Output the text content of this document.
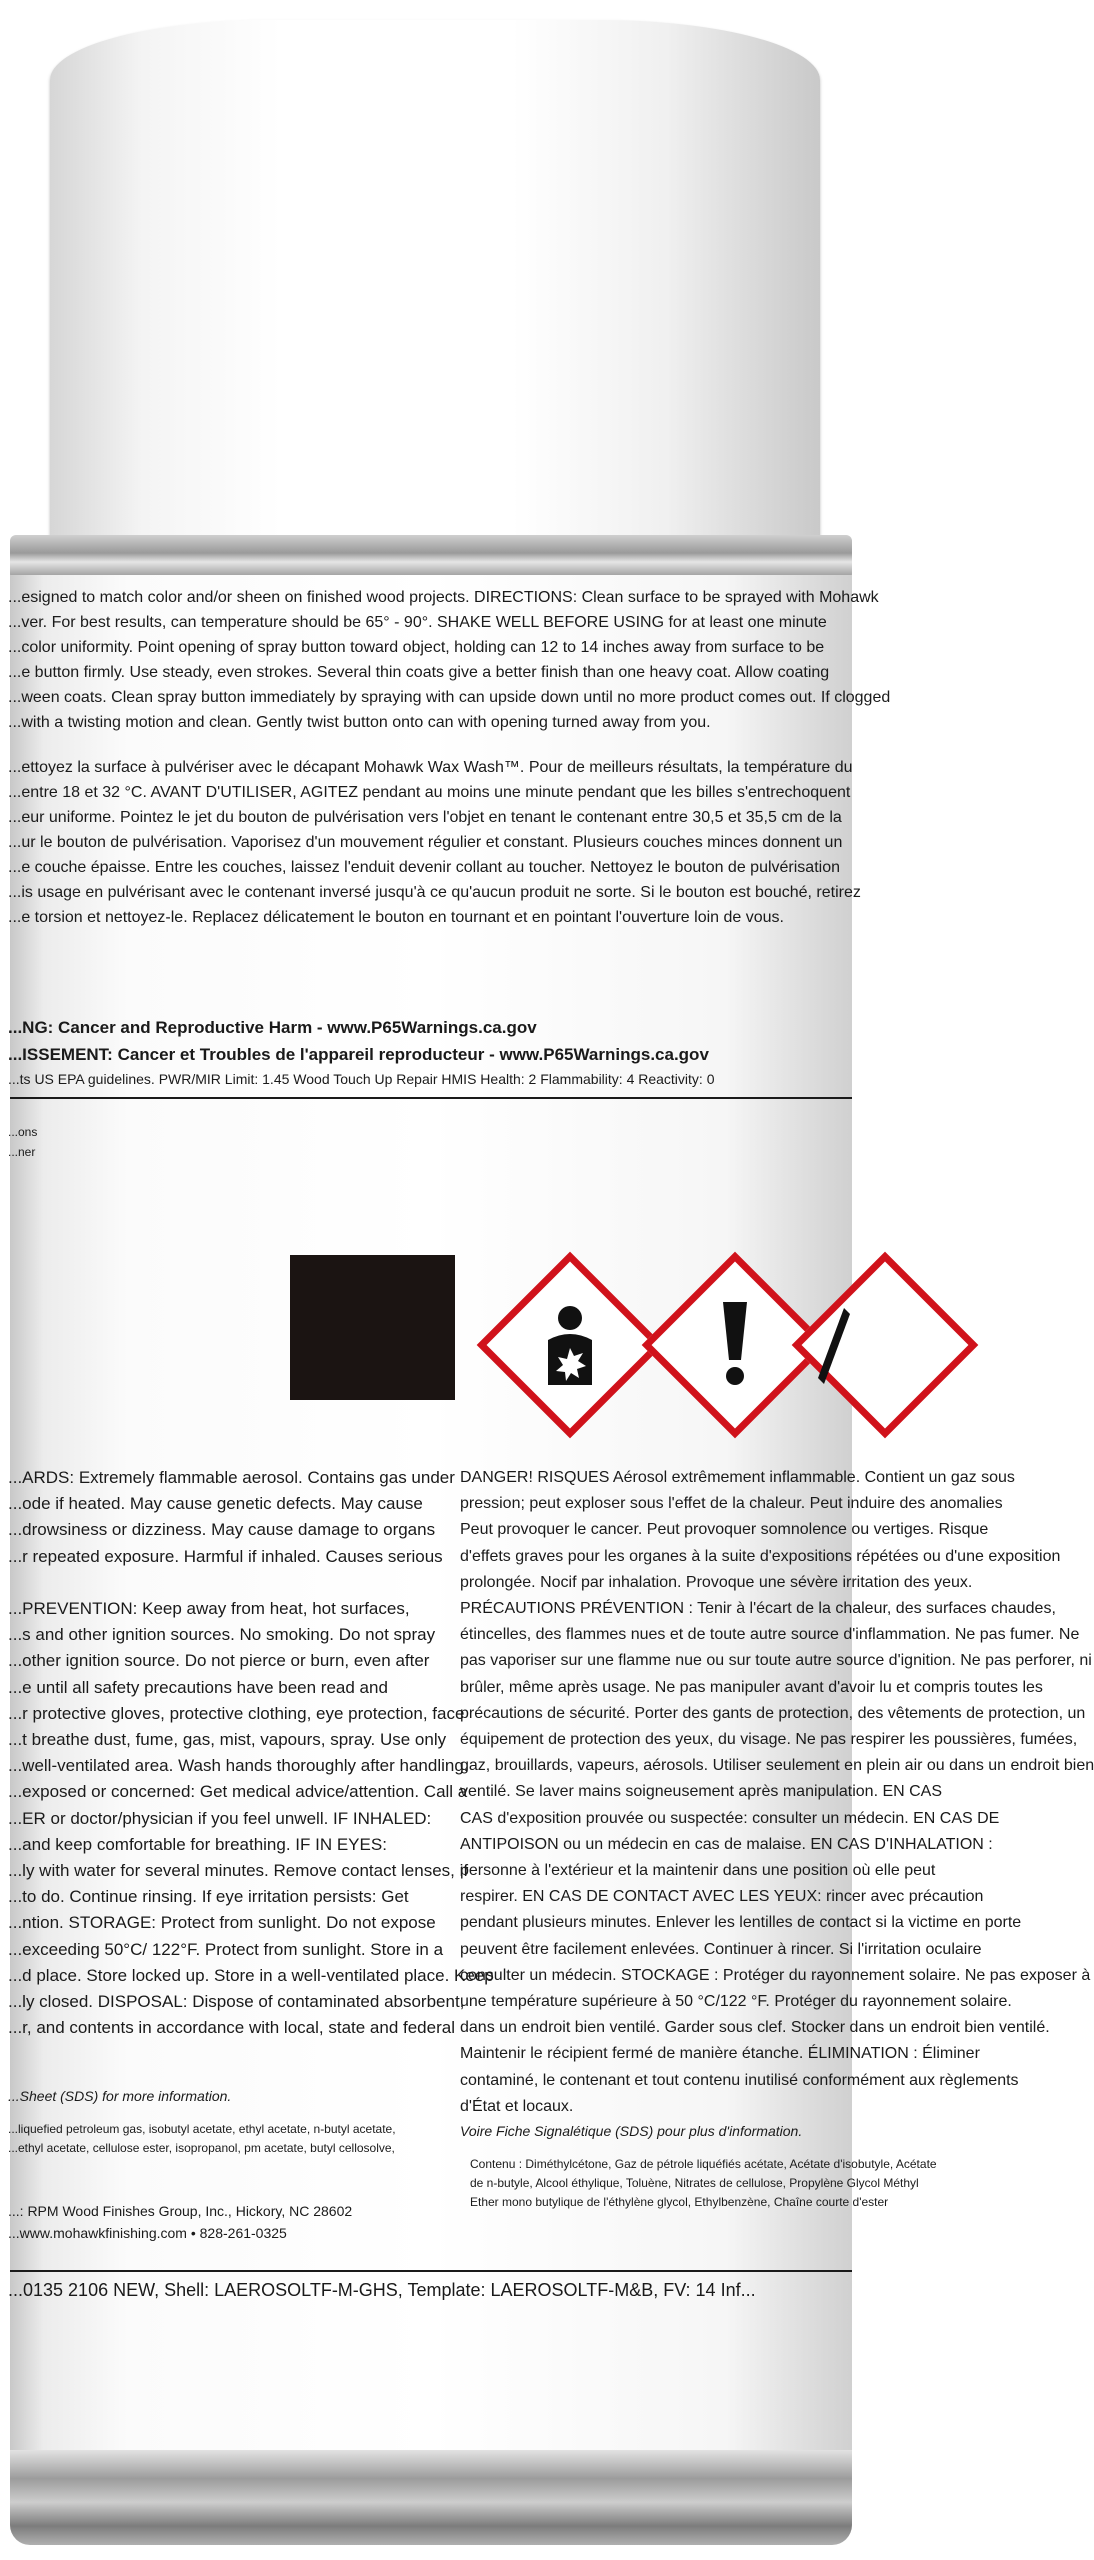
...esigned to match color and/or sheen on finished wood projects. DIRECTIONS: Clean surface to be sprayed with Mohawk

...ver. For best results, can temperature should be 65° - 90°. SHAKE WELL BEFORE USING for at least one minute

...color uniformity. Point opening of spray button toward object, holding can 12 to 14 inches away from surface to be

...e button firmly. Use steady, even strokes. Several thin coats give a better finish than one heavy coat. Allow coating

...ween coats. Clean spray button immediately by spraying with can upside down until no more product comes out. If clogged

...with a twisting motion and clean. Gently twist button onto can with opening turned away from you.

...ettoyez la surface à pulvériser avec le décapant Mohawk Wax Wash™. Pour de meilleurs résultats, la température du

...entre 18 et 32 °C. AVANT D'UTILISER, AGITEZ pendant au moins une minute pendant que les billes s'entrechoquent

...eur uniforme. Pointez le jet du bouton de pulvérisation vers l'objet en tenant le contenant entre 30,5 et 35,5 cm de la

...ur le bouton de pulvérisation. Vaporisez d'un mouvement régulier et constant. Plusieurs couches minces donnent un

...e couche épaisse. Entre les couches, laissez l'enduit devenir collant au toucher. Nettoyez le bouton de pulvérisation

...is usage en pulvérisant avec le contenant inversé jusqu'à ce qu'aucun produit ne sorte. Si le bouton est bouché, retirez

...e torsion et nettoyez-le. Replacez délicatement le bouton en tournant et en pointant l'ouverture loin de vous.

...NG: Cancer and Reproductive Harm - www.P65Warnings.ca.gov
...ISSEMENT: Cancer et Troubles de l'appareil reproducteur - www.P65Warnings.ca.gov
...ts US EPA guidelines. PWR/MIR Limit: 1.45 Wood Touch Up Repair HMIS Health: 2 Flammability: 4 Reactivity: 0
...ons
...ner

...ARDS: Extremely flammable aerosol. Contains gas under

...ode if heated. May cause genetic defects. May cause

...drowsiness or dizziness. May cause damage to organs

...r repeated exposure. Harmful if inhaled. Causes serious

...PREVENTION: Keep away from heat, hot surfaces,

...s and other ignition sources. No smoking. Do not spray

...other ignition source. Do not pierce or burn, even after

...e until all safety precautions have been read and

...r protective gloves, protective clothing, eye protection, face

...t breathe dust, fume, gas, mist, vapours, spray. Use only

...well-ventilated area. Wash hands thoroughly after handling.

...exposed or concerned: Get medical advice/attention. Call a

...ER or doctor/physician if you feel unwell. IF INHALED:

...and keep comfortable for breathing. IF IN EYES:

...ly with water for several minutes. Remove contact lenses, if

...to do. Continue rinsing. If eye irritation persists: Get

...ntion. STORAGE: Protect from sunlight. Do not expose

...exceeding 50°C/ 122°F. Protect from sunlight. Store in a

...d place. Store locked up. Store in a well-ventilated place. Keep

...ly closed. DISPOSAL: Dispose of contaminated absorbent,

...r, and contents in accordance with local, state and federal

...Sheet (SDS) for more information.

...liquefied petroleum gas, isobutyl acetate, ethyl acetate, n-butyl acetate,

...ethyl acetate, cellulose ester, isopropanol, pm acetate, butyl cellosolve,

...: RPM Wood Finishes Group, Inc., Hickory, NC 28602

...www.mohawkfinishing.com • 828-261-0325

DANGER! RISQUES Aérosol extrêmement inflammable. Contient un gaz sous

pression; peut exploser sous l'effet de la chaleur. Peut induire des anomalies

Peut provoquer le cancer. Peut provoquer somnolence ou vertiges. Risque

d'effets graves pour les organes à la suite d'expositions répétées ou d'une exposition

prolongée. Nocif par inhalation. Provoque une sévère irritation des yeux.

PRÉCAUTIONS PRÉVENTION : Tenir à l'écart de la chaleur, des surfaces chaudes,

étincelles, des flammes nues et de toute autre source d'inflammation. Ne pas fumer. Ne

pas vaporiser sur une flamme nue ou sur toute autre source d'ignition. Ne pas perforer, ni

brûler, même après usage. Ne pas manipuler avant d'avoir lu et compris toutes les

précautions de sécurité. Porter des gants de protection, des vêtements de protection, un

équipement de protection des yeux, du visage. Ne pas respirer les poussières, fumées,

gaz, brouillards, vapeurs, aérosols. Utiliser seulement en plein air ou dans un endroit bien

ventilé. Se laver mains soigneusement après manipulation. EN CAS

CAS d'exposition prouvée ou suspectée: consulter un médecin. EN CAS DE

ANTIPOISON ou un médecin en cas de malaise. EN CAS D'INHALATION :

personne à l'extérieur et la maintenir dans une position où elle peut

respirer. EN CAS DE CONTACT AVEC LES YEUX: rincer avec précaution

pendant plusieurs minutes. Enlever les lentilles de contact si la victime en porte

peuvent être facilement enlevées. Continuer à rincer. Si l'irritation oculaire

consulter un médecin. STOCKAGE : Protéger du rayonnement solaire. Ne pas exposer à

une température supérieure à 50 °C/122 °F. Protéger du rayonnement solaire.

dans un endroit bien ventilé. Garder sous clef. Stocker dans un endroit bien ventilé.

Maintenir le récipient fermé de manière étanche. ÉLIMINATION : Éliminer

contaminé, le contenant et tout contenu inutilisé conformément aux règlements

d'État et locaux.

Voire Fiche Signalétique (SDS) pour plus d'information.

Contenu : Diméthylcétone, Gaz de pétrole liquéfiés acétate, Acétate d'isobutyle, Acétate

de n-butyle, Alcool éthylique, Toluène, Nitrates de cellulose, Propylène Glycol Méthyl

Ether mono butylique de l'éthylène glycol, Ethylbenzène, Chaîne courte d'ester

...0135 2106 NEW, Shell: LAEROSOLTF-M-GHS, Template: LAEROSOLTF-M&B, FV: 14 Inf...
